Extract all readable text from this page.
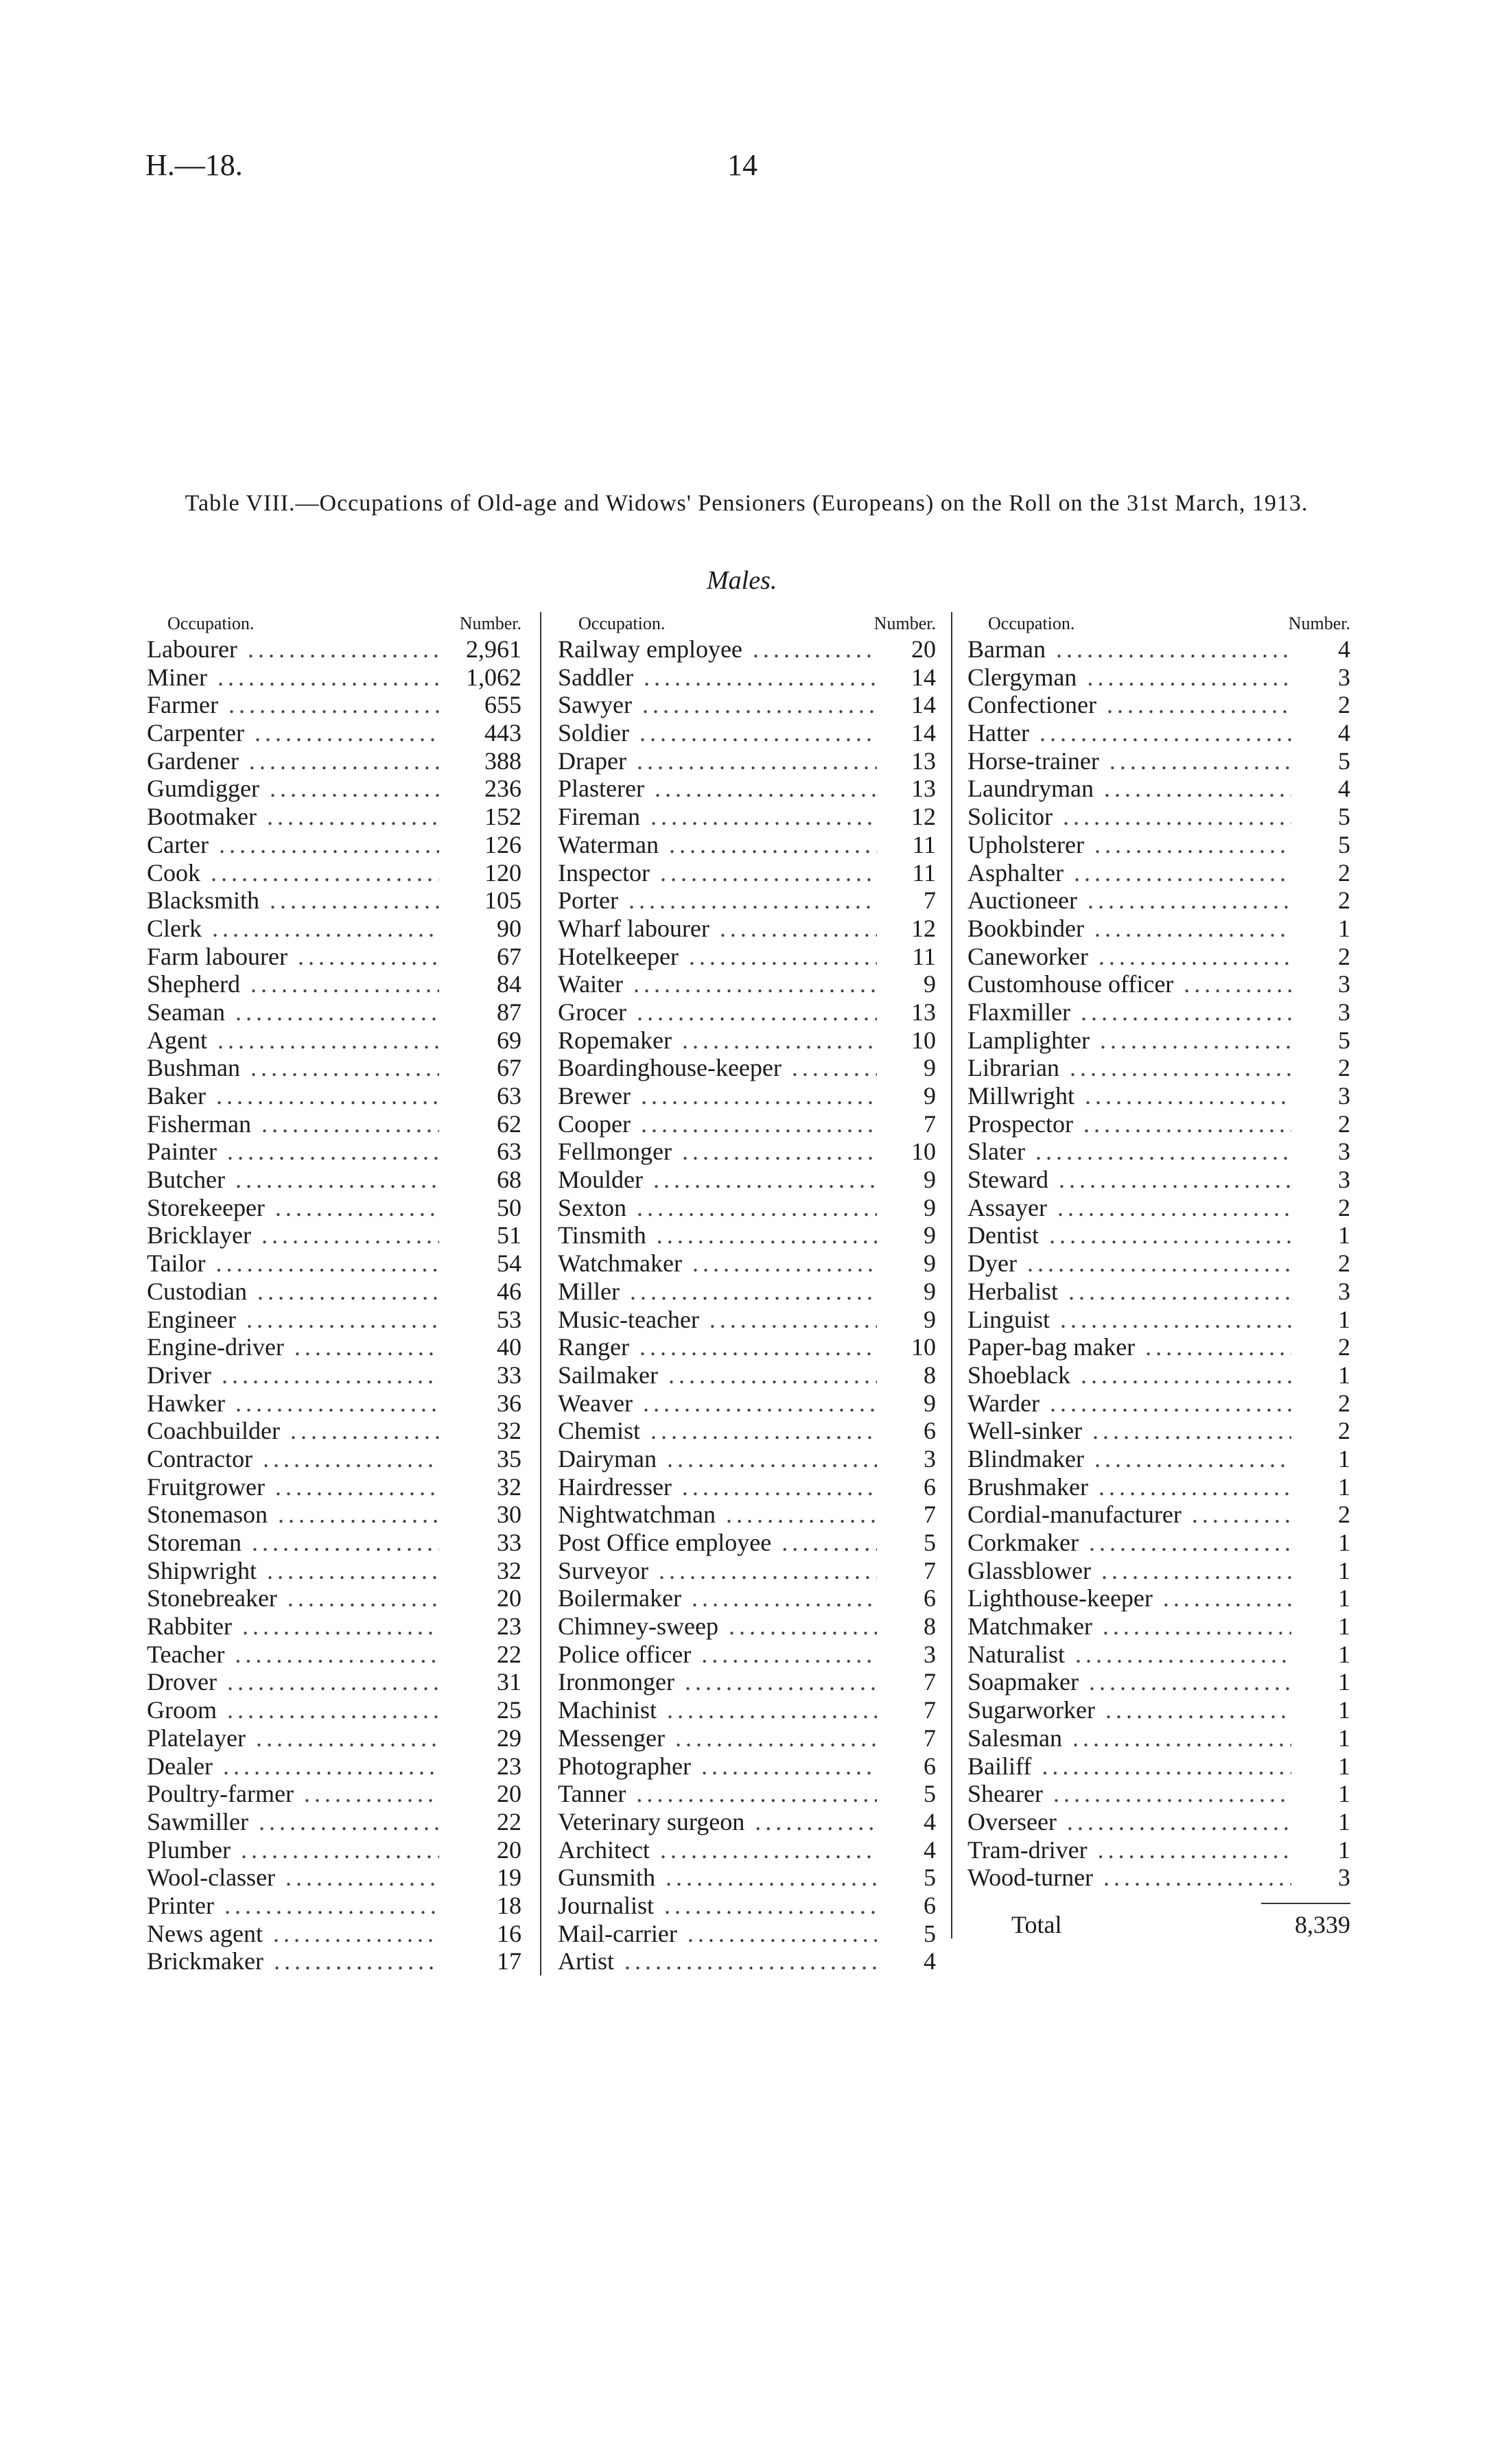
H.—18.	14
Table VIII.—Occupations of Old-age and Widows' Pensioners (Europeans) on the Roll on the 31st March, 1913.
Males.
Occupation.	Number.
Labourer .....	2,961
Miner .....	1,062
Farmer .....	655
Carpenter .....	443
Gardener .....	388
Gumdigger .....	236
Bootmaker .....	152
Carter .....	126
Cook .....	120
Blacksmith .....	105
Clerk .....	90
Farm labourer .....	67
Shepherd .....	84
Seaman .....	87
Agent .....	69
Bushman .....	67
Baker .....	63
Fisherman .....	62
Painter .....	63
Butcher .....	68
Storekeeper .....	50
Bricklayer .....	51
Tailor .....	54
Custodian .....	46
Engineer .....	53
Engine-driver .....	40
Driver .....	33
Hawker .....	36
Coachbuilder .....	32
Contractor .....	35
Fruitgrower .....	32
Stonemason .....	30
Storeman .....	33
Shipwright .....	32
Stonebreaker .....	20
Rabbiter .....	23
Teacher .....	22
Drover .....	31
Groom .....	25
Platelayer .....	29
Dealer .....	23
Poultry-farmer .....	20
Sawmiller .....	22
Plumber .....	20
Wool-classer .....	19
Printer .....	18
News agent .....	16
Brickmaker .....	17
Occupation.	Number.
Railway employee .....	20
Saddler .....	14
Sawyer .....	14
Soldier .....	14
Draper .....	13
Plasterer .....	13
Fireman .....	12
Waterman .....	11
Inspector .....	11
Porter .....	7
Wharf labourer .....	12
Hotelkeeper .....	11
Waiter .....	9
Grocer .....	13
Ropemaker .....	10
Boardinghouse-keeper .....	9
Brewer .....	9
Cooper .....	7
Fellmonger .....	10
Moulder .....	9
Sexton .....	9
Tinsmith .....	9
Watchmaker .....	9
Miller .....	9
Music-teacher .....	9
Ranger .....	10
Sailmaker .....	8
Weaver .....	9
Chemist .....	6
Dairyman .....	3
Hairdresser .....	6
Nightwatchman .....	7
Post Office employee .....	5
Surveyor .....	7
Boilermaker .....	6
Chimney-sweep .....	8
Police officer .....	3
Ironmonger .....	7
Machinist .....	7
Messenger .....	7
Photographer .....	6
Tanner .....	5
Veterinary surgeon .....	4
Architect .....	4
Gunsmith .....	5
Journalist .....	6
Mail-carrier .....	5
Artist .....	4
Occupation.	Number.
Barman .....	4
Clergyman .....	3
Confectioner .....	2
Hatter .....	4
Horse-trainer .....	5
Laundryman .....	4
Solicitor .....	5
Upholsterer .....	5
Asphalter .....	2
Auctioneer .....	2
Bookbinder .....	1
Caneworker .....	2
Customhouse officer .....	3
Flaxmiller .....	3
Lamplighter .....	5
Librarian .....	2
Millwright .....	3
Prospector .....	2
Slater .....	3
Steward .....	3
Assayer .....	2
Dentist .....	1
Dyer .....	2
Herbalist .....	3
Linguist .....	1
Paper-bag maker .....	2
Shoeblack .....	1
Warder .....	2
Well-sinker .....	2
Blindmaker .....	1
Brushmaker .....	1
Cordial-manufacturer .....	2
Corkmaker .....	1
Glassblower .....	1
Lighthouse-keeper .....	1
Matchmaker .....	1
Naturalist .....	1
Soapmaker .....	1
Sugarworker .....	1
Salesman .....	1
Bailiff .....	1
Shearer .....	1
Overseer .....	1
Tram-driver .....	1
Wood-turner .....	3
Total	8,339
